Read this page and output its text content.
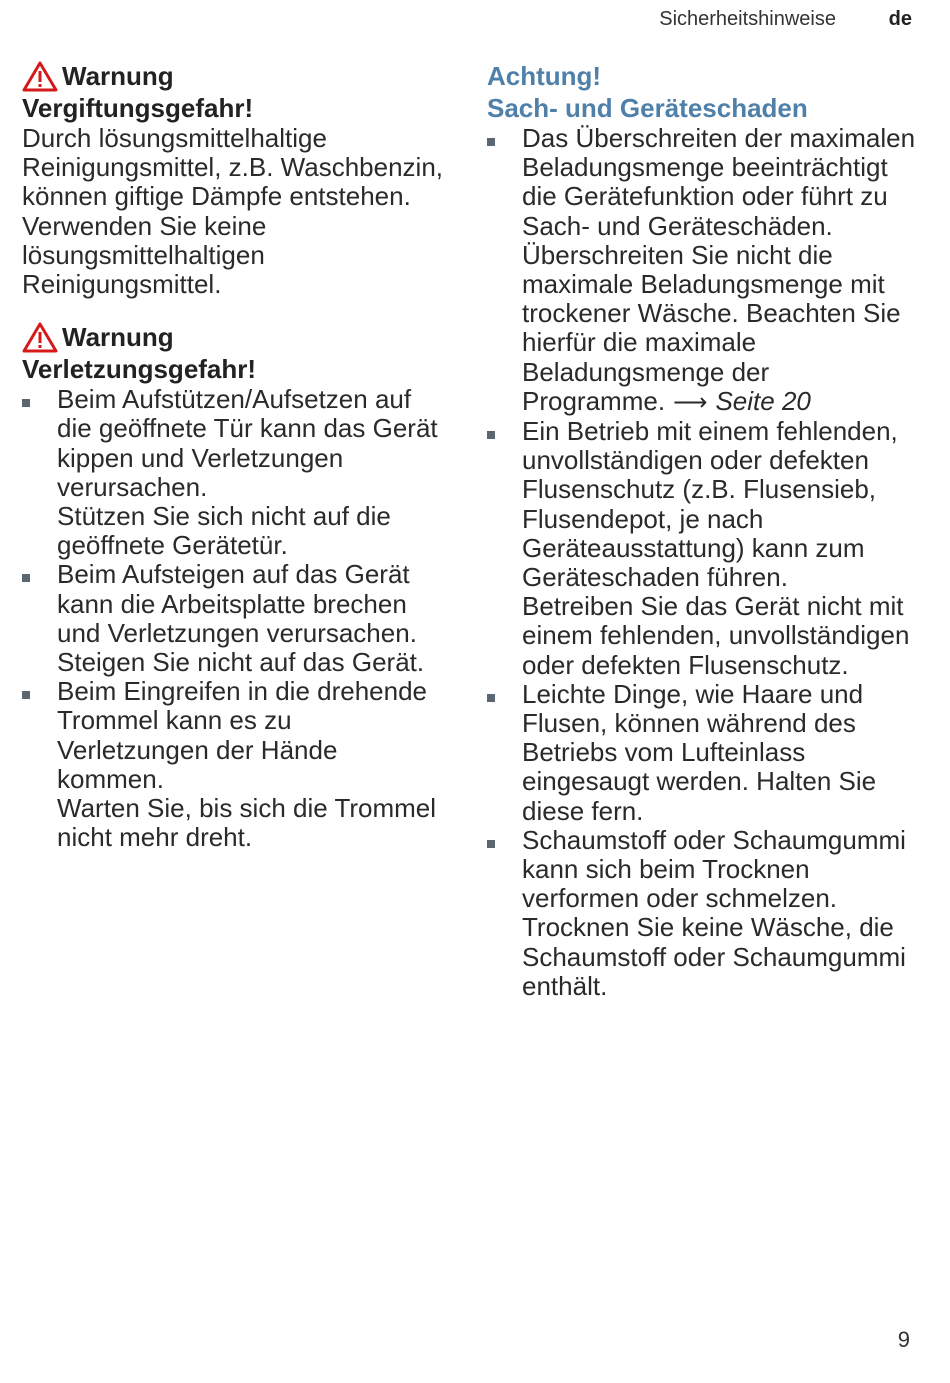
Sicherheitshinweise	de
Warnung
Vergiftungsgefahr!

Durch lösungsmittelhaltige Reinigungsmittel, z.B. Waschbenzin, können giftige Dämpfe entstehen.

Verwenden Sie keine lösungsmittelhaltigen Reinigungsmittel.

Warnung
Verletzungsgefahr!
Beim Aufstützen/Aufsetzen auf die geöffnete Tür kann das Gerät kippen und Verletzungen verursachen.
Stützen Sie sich nicht auf die geöffnete Gerätetür.
Beim Aufsteigen auf das Gerät kann die Arbeitsplatte brechen und Verletzungen verursachen.
Steigen Sie nicht auf das Gerät.
Beim Eingreifen in die drehende Trommel kann es zu Verletzungen der Hände kommen.
Warten Sie, bis sich die Trommel nicht mehr dreht.
Achtung!
Sach- und Geräteschaden
Das Überschreiten der maximalen Beladungsmenge beeinträchtigt die Gerätefunktion oder führt zu Sach- und Geräteschäden.
Überschreiten Sie nicht die maximale Beladungsmenge mit trockener Wäsche. Beachten Sie hierfür die maximale Beladungsmenge der Programme. ⟶ Seite 20
Ein Betrieb mit einem fehlenden, unvollständigen oder defekten Flusenschutz (z.B. Flusensieb, Flusendepot, je nach Geräteausstattung) kann zum Geräteschaden führen.
Betreiben Sie das Gerät nicht mit einem fehlenden, unvollständigen oder defekten Flusenschutz.
Leichte Dinge, wie Haare und Flusen, können während des Betriebs vom Lufteinlass eingesaugt werden. Halten Sie diese fern.
Schaumstoff oder Schaumgummi kann sich beim Trocknen verformen oder schmelzen.
Trocknen Sie keine Wäsche, die Schaumstoff oder Schaumgummi enthält.
9
